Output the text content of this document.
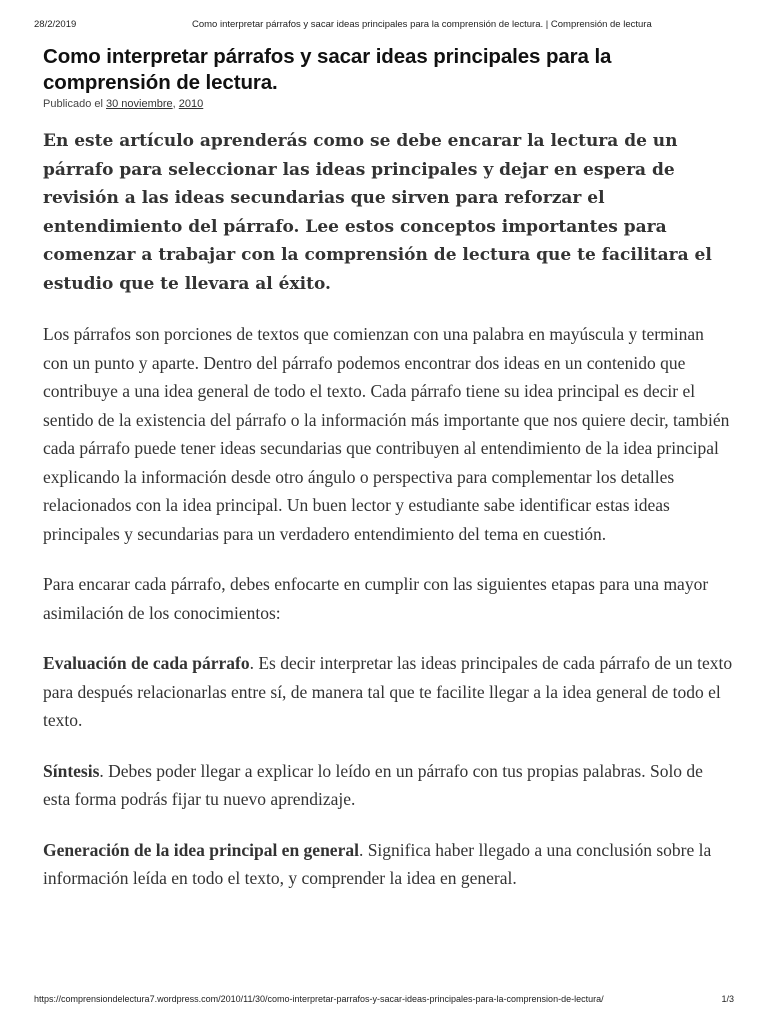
28/2/2019	Como interpretar párrafos y sacar ideas principales para la comprensión de lectura. | Comprensión de lectura
Como interpretar párrafos y sacar ideas principales para la comprensión de lectura.
Publicado el 30 noviembre, 2010

En este artículo aprenderás como se debe encarar la lectura de un párrafo para seleccionar las ideas principales y dejar en espera de revisión a las ideas secundarias que sirven para reforzar el entendimiento del párrafo. Lee estos conceptos importantes para comenzar a trabajar con la comprensión de lectura que te facilitara el estudio que te llevara al éxito.

Los párrafos son porciones de textos que comienzan con una palabra en mayúscula y terminan con un punto y aparte. Dentro del párrafo podemos encontrar dos ideas en un contenido que contribuye a una idea general de todo el texto. Cada párrafo tiene su idea principal es decir el sentido de la existencia del párrafo o la información más importante que nos quiere decir, también cada párrafo puede tener ideas secundarias que contribuyen al entendimiento de la idea principal explicando la información desde otro ángulo o perspectiva para complementar los detalles relacionados con la idea principal. Un buen lector y estudiante sabe identificar estas ideas principales y secundarias para un verdadero entendimiento del tema en cuestión.

Para encarar cada párrafo, debes enfocarte en cumplir con las siguientes etapas para una mayor asimilación de los conocimientos:

Evaluación de cada párrafo. Es decir interpretar las ideas principales de cada párrafo de un texto para después relacionarlas entre sí, de manera tal que te facilite llegar a la idea general de todo el texto.

Síntesis. Debes poder llegar a explicar lo leído en un párrafo con tus propias palabras. Solo de esta forma podrás fijar tu nuevo aprendizaje.

Generación de la idea principal en general. Significa haber llegado a una conclusión sobre la información leída en todo el texto, y comprender la idea en general.

https://comprensiondelectura7.wordpress.com/2010/11/30/como-interpretar-parrafos-y-sacar-ideas-principales-para-la-comprension-de-lectura/	1/3
